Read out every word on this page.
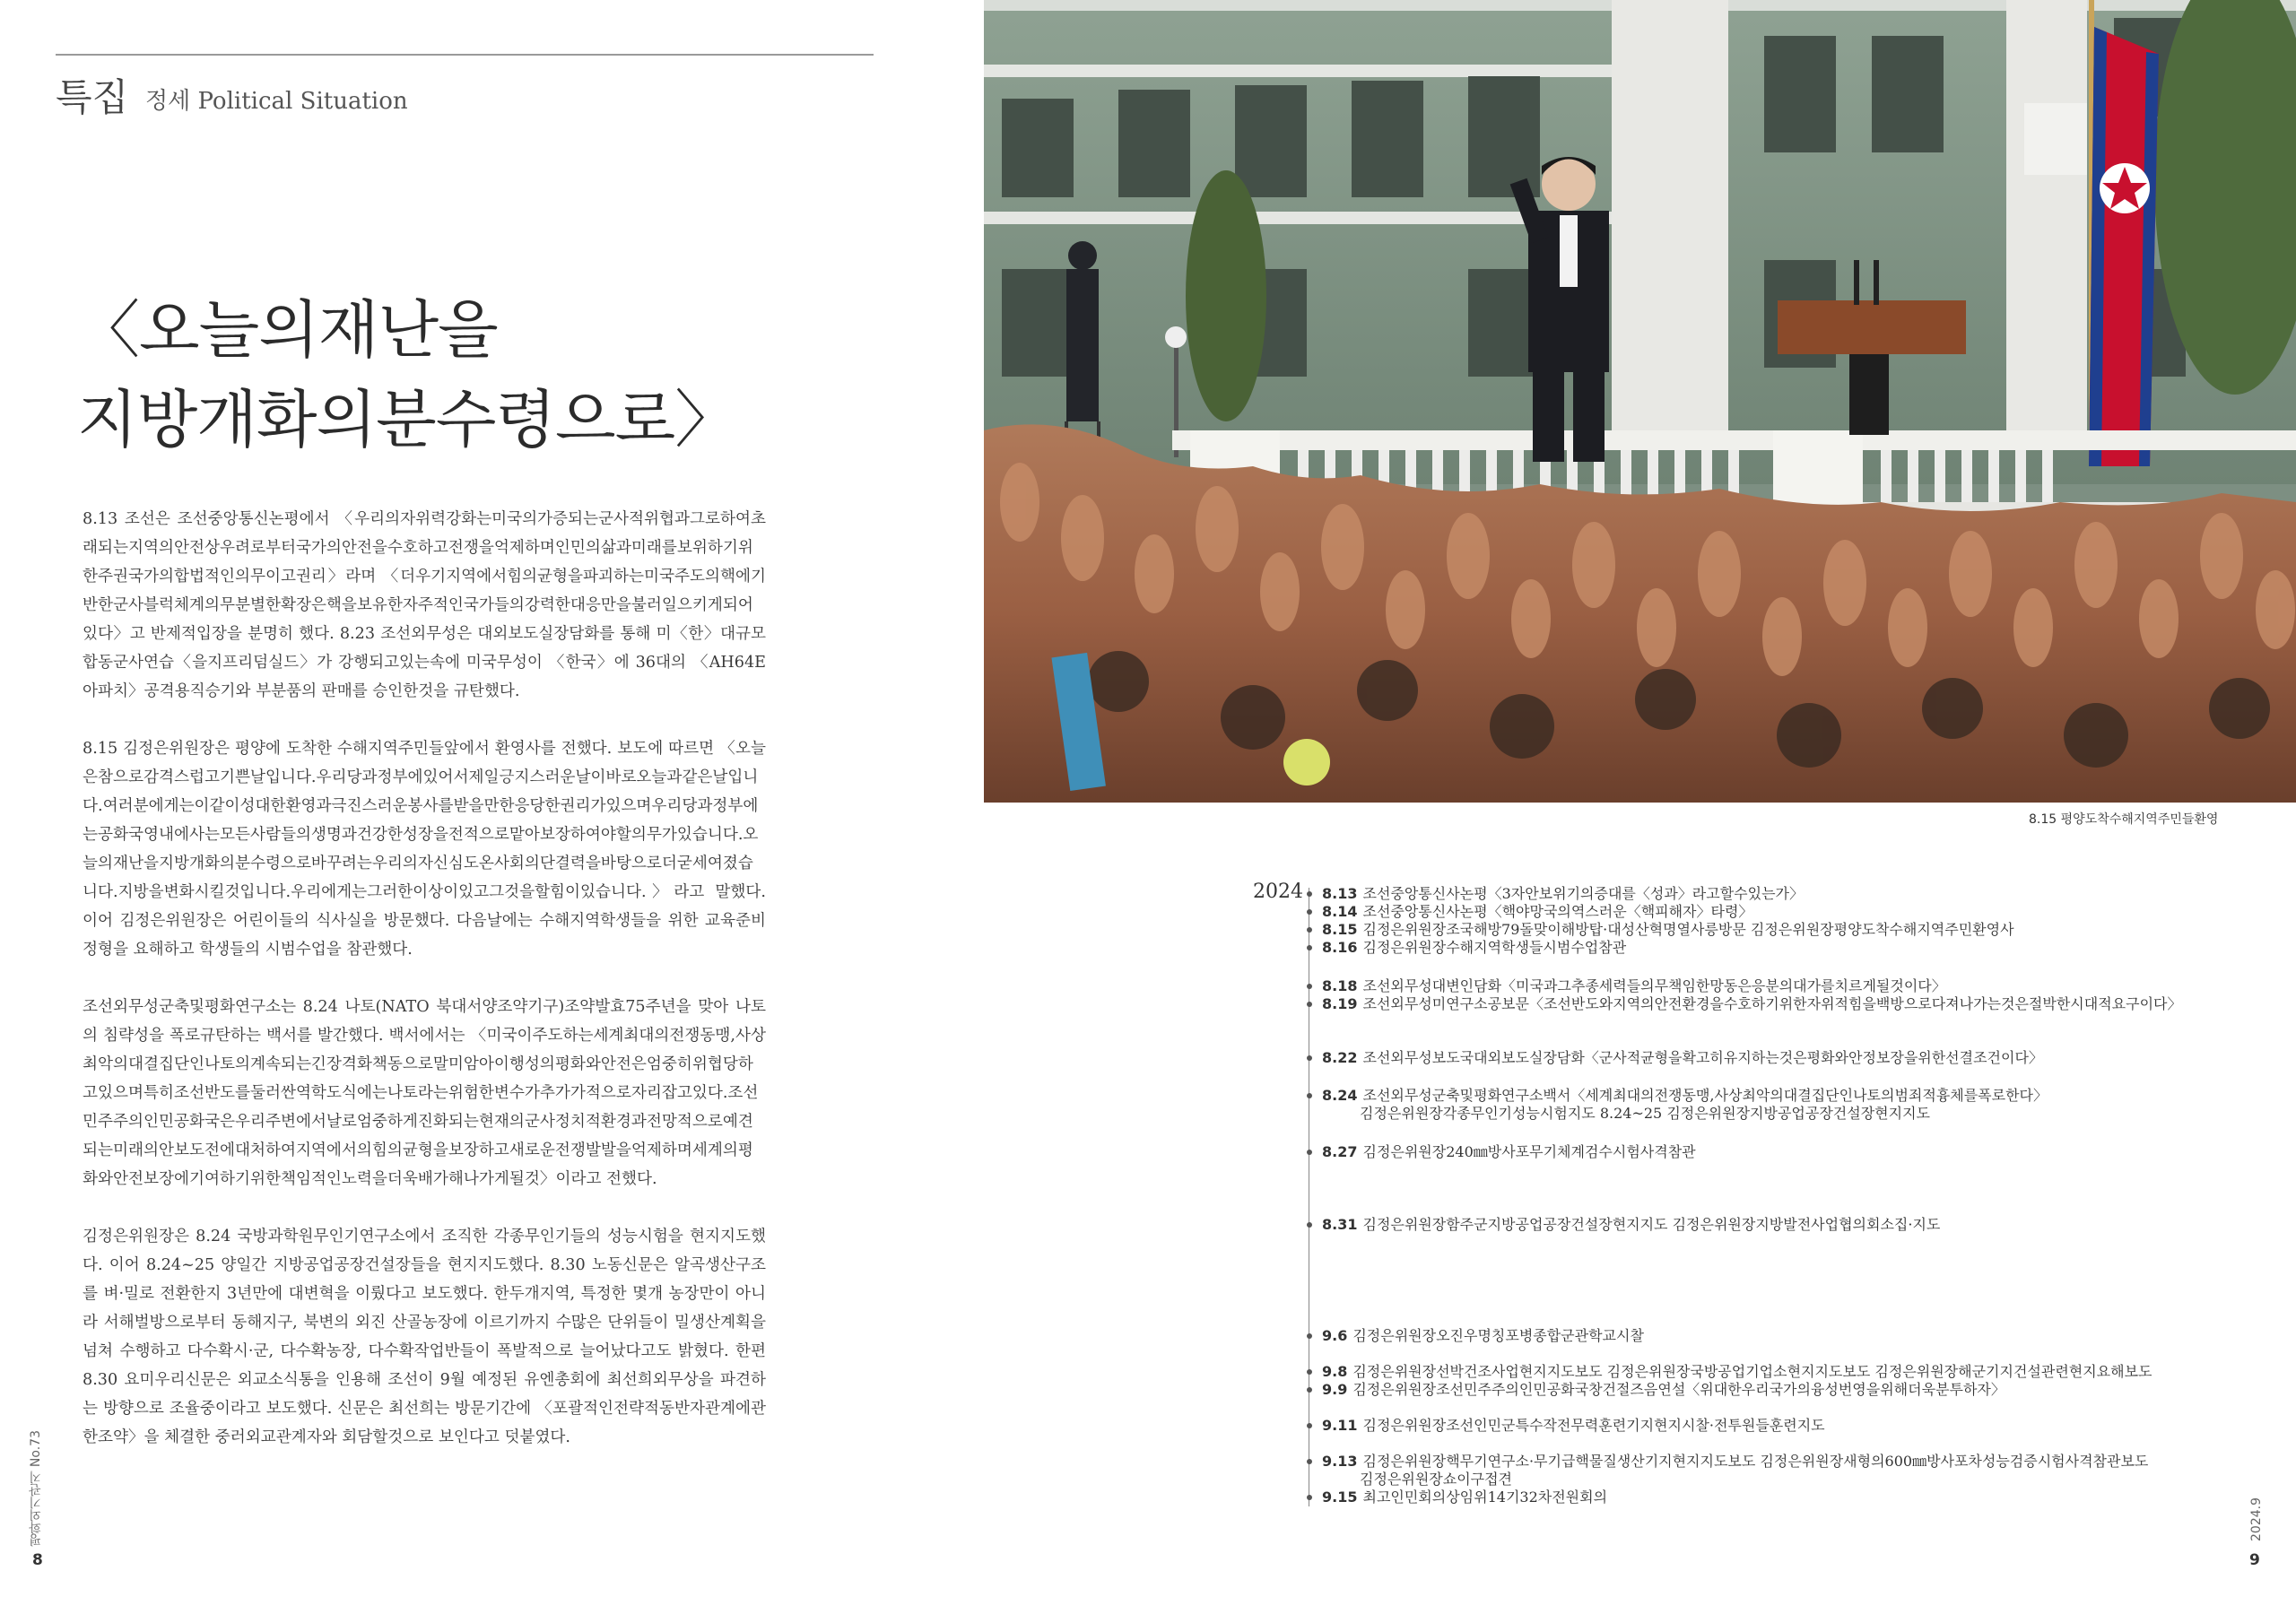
특집 정세 Political Situation
〈오늘의재난을
지방개화의분수령으로〉

8.13 조선은 조선중앙통신논평에서 〈우리의자위력강화는미국의가증되는군사적위협과그로하여초래되는지역의안전상우려로부터국가의안전을수호하고전쟁을억제하며인민의삶과미래를보위하기위한주권국가의합법적인의무이고권리〉라며 〈더우기지역에서힘의균형을파괴하는미국주도의핵에기반한군사블럭체계의무분별한확장은핵을보유한자주적인국가들의강력한대응만을불러일으키게되어있다〉고 반제적입장을 분명히 했다. 8.23 조선외무성은 대외보도실장담화를 통해 미〈한〉대규모합동군사연습〈을지프리덤실드〉가 강행되고있는속에 미국무성이 〈한국〉에 36대의 〈AH64E아파치〉공격용직승기와 부분품의 판매를 승인한것을 규탄했다.

8.15 김정은위원장은 평양에 도착한 수해지역주민들앞에서 환영사를 전했다. 보도에 따르면 〈오늘은참으로감격스럽고기쁜날입니다.우리당과정부에있어서제일긍지스러운날이바로오늘과같은날입니다.여러분에게는이같이성대한환영과극진스러운봉사를받을만한응당한권리가있으며우리당과정부에는공화국영내에사는모든사람들의생명과건강한성장을전적으로맡아보장하여야할의무가있습니다.오늘의재난을지방개화의분수령으로바꾸려는우리의자신심도온사회의단결력을바탕으로더굳세여졌습니다.지방을변화시킬것입니다.우리에게는그러한이상이있고그것을할힘이있습니다.〉라고 말했다. 이어 김정은위원장은 어린이들의 식사실을 방문했다. 다음날에는 수해지역학생들을 위한 교육준비정형을 요해하고 학생들의 시범수업을 참관했다.

조선외무성군축및평화연구소는 8.24 나토(NATO 북대서양조약기구)조약발효75주년을 맞아 나토의 침략성을 폭로규탄하는 백서를 발간했다. 백서에서는 〈미국이주도하는세계최대의전쟁동맹,사상최악의대결집단인나토의계속되는긴장격화책동으로말미암아이행성의평화와안전은엄중히위협당하고있으며특히조선반도를둘러싼역학도식에는나토라는위험한변수가추가가적으로자리잡고있다.조선민주주의인민공화국은우리주변에서날로엄중하게진화되는현재의군사정치적환경과전망적으로예견되는미래의안보도전에대처하여지역에서의힘의균형을보장하고새로운전쟁발발을억제하며세계의평화와안전보장에기여하기위한책임적인노력을더욱배가해나가게될것〉이라고 전했다.

김정은위원장은 8.24 국방과학원무인기연구소에서 조직한 각종무인기들의 성능시험을 현지지도했다. 이어 8.24~25 양일간 지방공업공장건설장들을 현지지도했다. 8.30 노동신문은 알곡생산구조를 벼·밀로 전환한지 3년만에 대변혁을 이뤘다고 보도했다. 한두개지역, 특정한 몇개 농장만이 아니라 서해벌방으로부터 동해지구, 북변의 외진 산골농장에 이르기까지 수많은 단위들이 밀생산계획을 넘쳐 수행하고 다수확시·군, 다수확농장, 다수확작업반들이 폭발적으로 늘어났다고도 밝혔다. 한편 8.30 요미우리신문은 외교소식통을 인용해 조선이 9월 예정된 유엔총회에 최선희외무상을 파견하는 방향으로 조율중이라고 보도했다. 신문은 최선희는 방문기간에 〈포괄적인전략적동반자관계에관한조약〉을 체결한 중러외교관계자와 회담할것으로 보인다고 덧붙였다.

평화외기관지 No.73
8
8.15 평양도착수해지역주민들환영
2024 8.13 조선중앙통신사논평〈3자안보위기의증대를〈성과〉라고할수있는가〉
8.14 조선중앙통신사논평〈핵야망국의역스러운〈핵피해자〉타령〉
8.15 김정은위원장조국해방79돌맞이해방탑·대성산혁명열사릉방문 김정은위원장평양도착수해지역주민환영사
8.16 김정은위원장수해지역학생들시범수업참관
8.18 조선외무성대변인담화〈미국과그추종세력들의무책임한망동은응분의대가를치르게될것이다〉
8.19 조선외무성미연구소공보문〈조선반도와지역의안전환경을수호하기위한자위적힘을백방으로다져나가는것은절박한시대적요구이다〉
8.22 조선외무성보도국대외보도실장담화〈군사적균형을확고히유지하는것은평화와안정보장을위한선결조건이다〉
8.24 조선외무성군축및평화연구소백서〈세계최대의전쟁동맹,사상최악의대결집단인나토의범죄적흉체를폭로한다〉
김정은위원장각종무인기성능시험지도 8.24~25 김정은위원장지방공업공장건설장현지지도
8.27 김정은위원장240㎜방사포무기체계검수시험사격참관
8.31 김정은위원장함주군지방공업공장건설장현지지도 김정은위원장지방발전사업협의회소집·지도
9.6 김정은위원장오진우명칭포병종합군관학교시찰
9.8 김정은위원장선박건조사업현지지도보도 김정은위원장국방공업기업소현지지도보도 김정은위원장해군기지건설관련현지요해보도
9.9 김정은위원장조선민주주의인민공화국창건절즈음연설〈위대한우리국가의융성번영을위해더욱분투하자〉
9.11 김정은위원장조선인민군특수작전무력훈련기지현지시찰·전투원들훈련지도
9.13 김정은위원장핵무기연구소·무기급핵물질생산기지현지지도보도 김정은위원장새형의600㎜방사포차성능검증시험사격참관보도
김정은위원장쇼이구접견
9.15 최고인민회의상임위14기32차전원회의
2024.9
9
